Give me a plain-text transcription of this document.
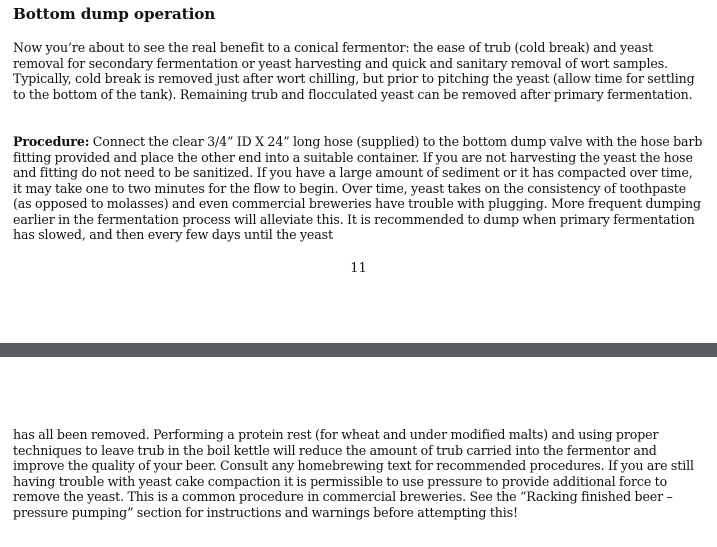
Bottom dump operation

Now you’re about to see the real benefit to a conical fermentor: the ease of trub (cold break) and yeast removal for secondary fermentation or yeast harvesting and quick and sanitary removal of wort samples. Typically, cold break is removed just after wort chilling, but prior to pitching the yeast (allow time for settling to the bottom of the tank). Remaining trub and flocculated yeast can be removed after primary fermentation.

Procedure: Connect the clear 3/4” ID X 24” long hose (supplied) to the bottom dump valve with the hose barb fitting provided and place the other end into a suitable container. If you are not harvesting the yeast the hose and fitting do not need to be sanitized. If you have a large amount of sediment or it has compacted over time, it may take one to two minutes for the flow to begin. Over time, yeast takes on the consistency of toothpaste (as opposed to molasses) and even commercial breweries have trouble with plugging. More frequent dumping earlier in the fermentation process will alleviate this. It is recommended to dump when primary fermentation has slowed, and then every few days until the yeast

11

has all been removed. Performing a protein rest (for wheat and under modified malts) and using proper techniques to leave trub in the boil kettle will reduce the amount of trub carried into the fermentor and improve the quality of your beer. Consult any homebrewing text for recommended procedures. If you are still having trouble with yeast cake compaction it is permissible to use pressure to provide additional force to remove the yeast. This is a common procedure in commercial breweries. See the “Racking finished beer – pressure pumping” section for instructions and warnings before attempting this!
